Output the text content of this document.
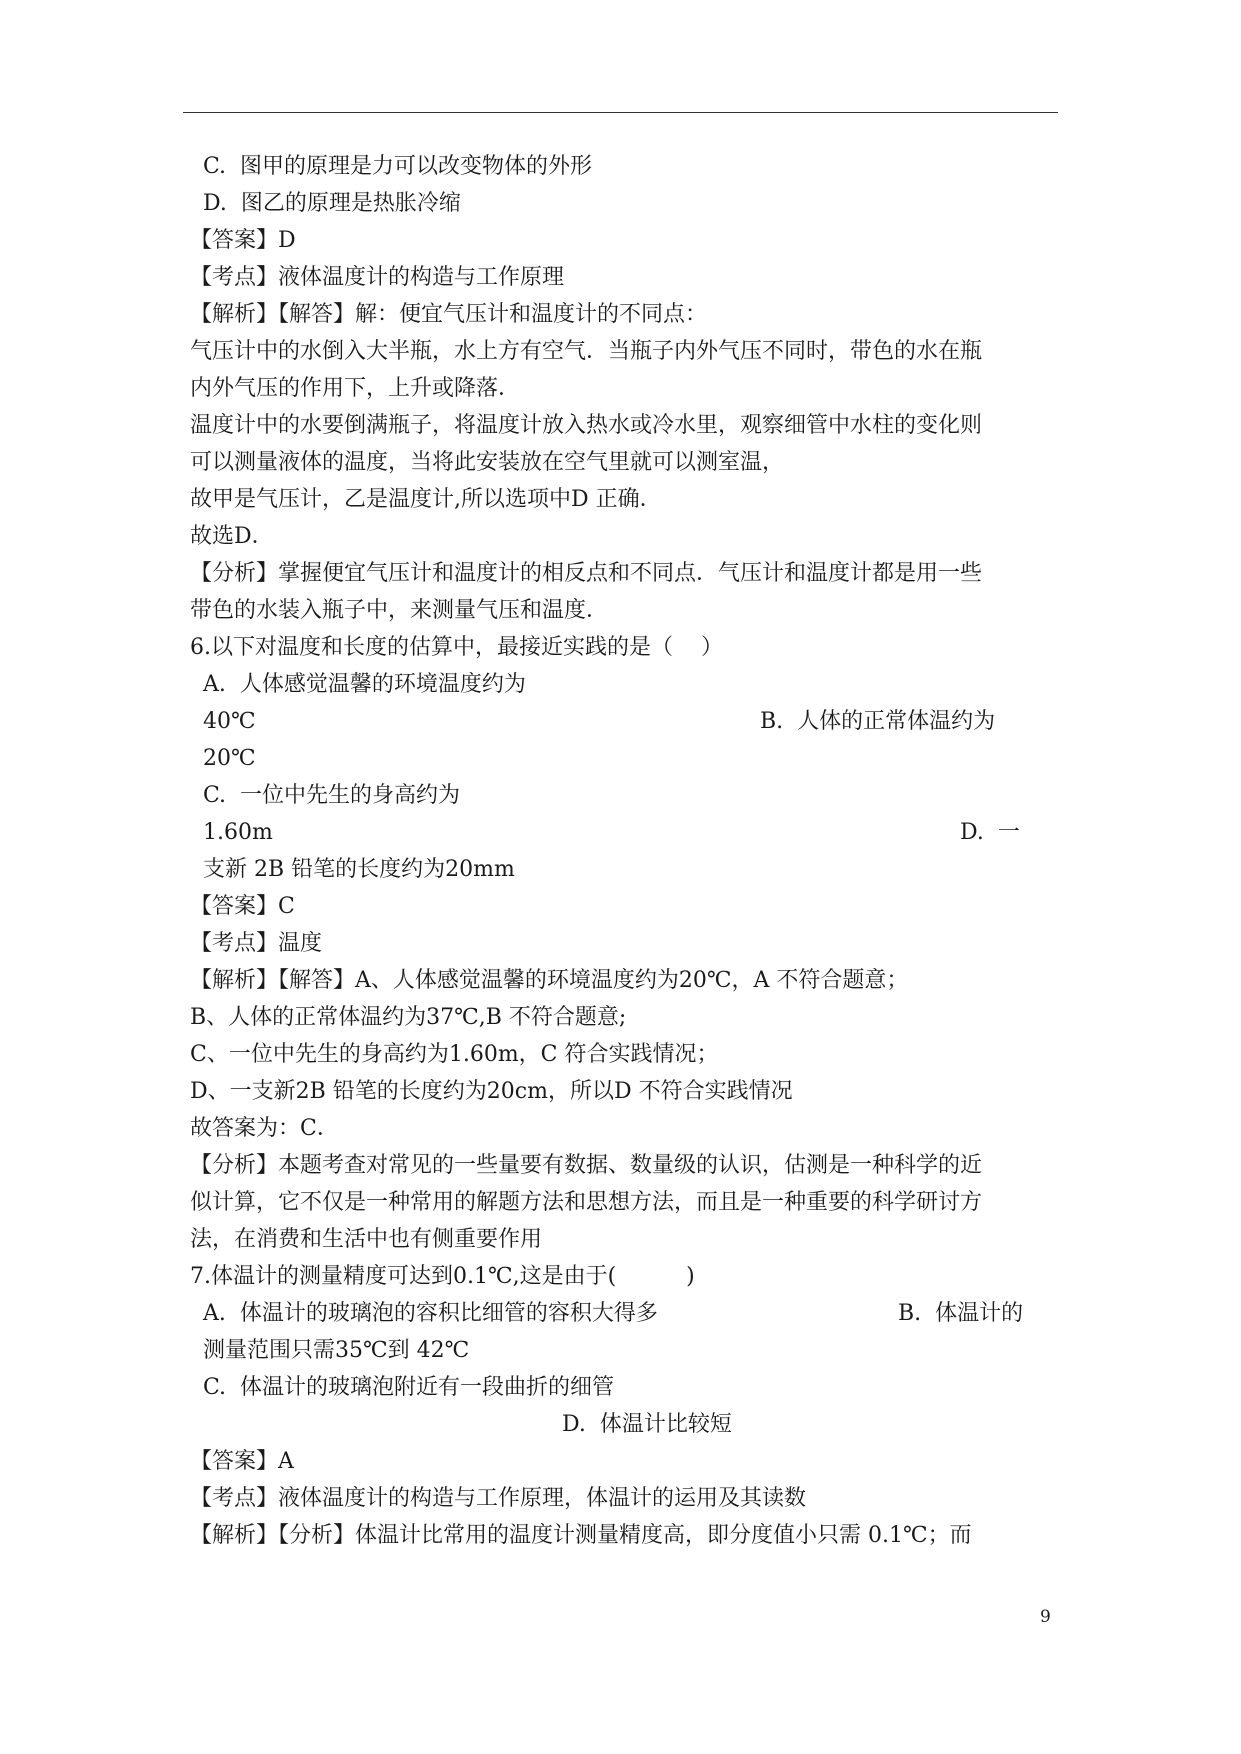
C.  图甲的原理是力可以改变物体的外形
D.  图乙的原理是热胀冷缩
【答案】D
【考点】液体温度计的构造与工作原理
【解析】【解答】解：便宜气压计和温度计的不同点：
气压计中的水倒入大半瓶，水上方有空气．当瓶子内外气压不同时，带色的水在瓶
内外气压的作用下，上升或降落．
温度计中的水要倒满瓶子，将温度计放入热水或冷水里，观察细管中水柱的变化则
可以测量液体的温度，当将此安装放在空气里就可以测室温，
故甲是气压计，乙是温度计,所以选项中D 正确．
故选D．
【分析】掌握便宜气压计和温度计的相反点和不同点．气压计和温度计都是用一些
带色的水装入瓶子中，来测量气压和温度．
6.以下对温度和长度的估算中，最接近实践的是（    ）
A.  人体感觉温馨的环境温度约为
40℃	B.  人体的正常体温约为
20℃
C.  一位中先生的身高约为
1.60m	D.  一
支新 2B 铅笔的长度约为20mm
【答案】C
【考点】温度
【解析】【解答】A、人体感觉温馨的环境温度约为20℃，A 不符合题意；
B、人体的正常体温约为37℃,B 不符合题意;
C、一位中先生的身高约为1.60m，C 符合实践情况；
D、一支新2B 铅笔的长度约为20cm，所以D 不符合实践情况
故答案为：C．
【分析】本题考查对常见的一些量要有数据、数量级的认识，估测是一种科学的近
似计算，它不仅是一种常用的解题方法和思想方法，而且是一种重要的科学研讨方
法，在消费和生活中也有侧重要作用
7.体温计的测量精度可达到0.1℃,这是由于(          )
A.  体温计的玻璃泡的容积比细管的容积大得多	B.  体温计的
测量范围只需35℃到 42℃
C.  体温计的玻璃泡附近有一段曲折的细管
D.  体温计比较短
【答案】A
【考点】液体温度计的构造与工作原理，体温计的运用及其读数
【解析】【分析】体温计比常用的温度计测量精度高，即分度值小只需 0.1℃；而
9
